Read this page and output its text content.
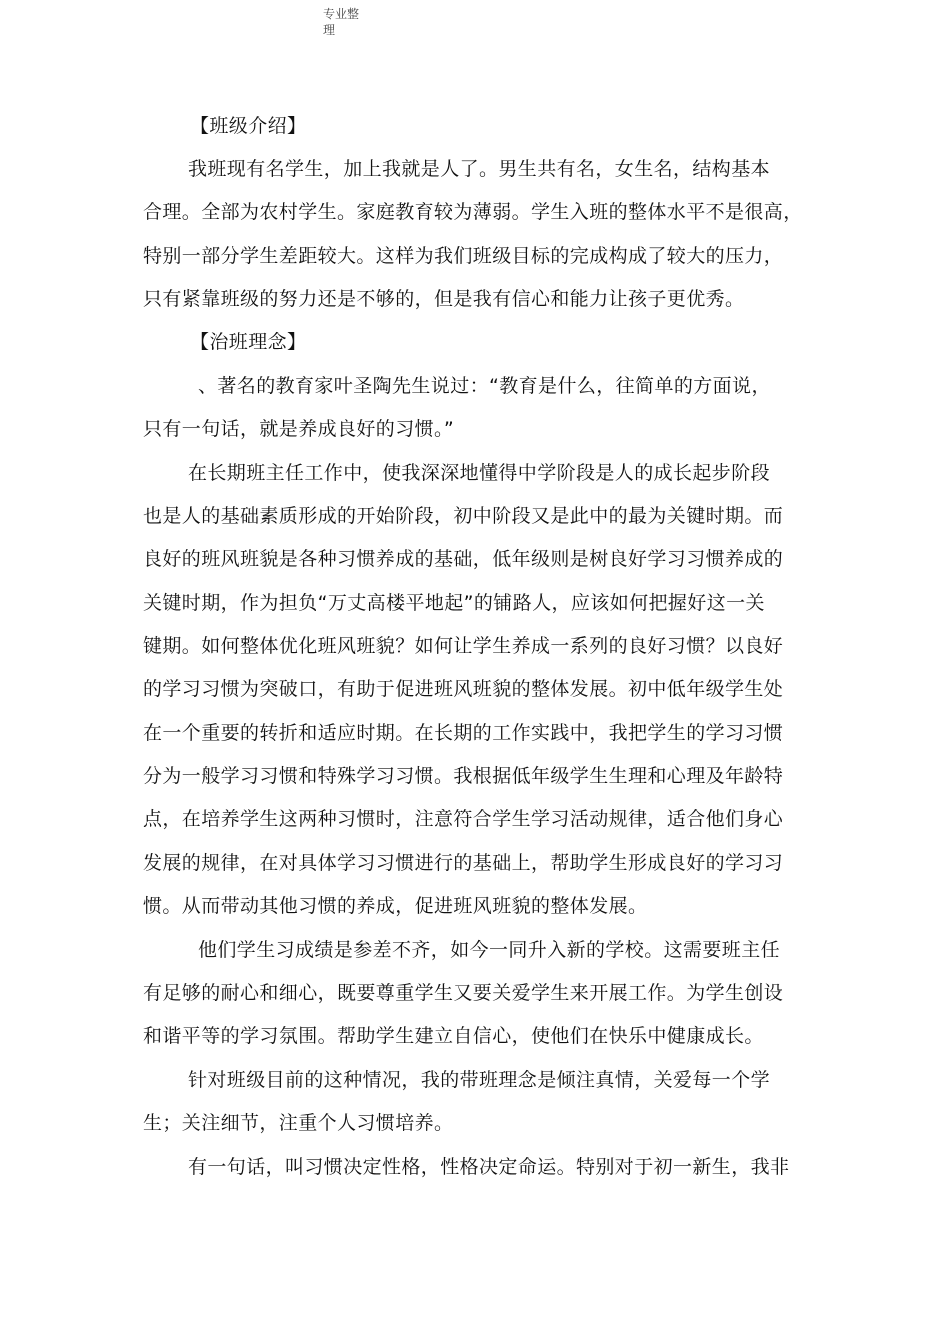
专业整
理
【班级介绍】
我班现有名学生，加上我就是人了。男生共有名，女生名，结构基本
合理。全部为农村学生。家庭教育较为薄弱。学生入班的整体水平不是很高，
特别一部分学生差距较大。这样为我们班级目标的完成构成了较大的压力，
只有紧靠班级的努力还是不够的，但是我有信心和能力让孩子更优秀。
【治班理念】
、著名的教育家叶圣陶先生说过：“教育是什么，往简单的方面说，
只有一句话，就是养成良好的习惯。”
在长期班主任工作中，使我深深地懂得中学阶段是人的成长起步阶段
也是人的基础素质形成的开始阶段，初中阶段又是此中的最为关键时期。而
良好的班风班貌是各种习惯养成的基础，低年级则是树良好学习习惯养成的
关键时期，作为担负“万丈高楼平地起”的铺路人，应该如何把握好这一关
键期。如何整体优化班风班貌？如何让学生养成一系列的良好习惯？以良好
的学习习惯为突破口，有助于促进班风班貌的整体发展。初中低年级学生处
在一个重要的转折和适应时期。在长期的工作实践中，我把学生的学习习惯
分为一般学习习惯和特殊学习习惯。我根据低年级学生生理和心理及年龄特
点，在培养学生这两种习惯时，注意符合学生学习活动规律，适合他们身心
发展的规律，在对具体学习习惯进行的基础上，帮助学生形成良好的学习习
惯。从而带动其他习惯的养成，促进班风班貌的整体发展。
他们学生习成绩是参差不齐，如今一同升入新的学校。这需要班主任
有足够的耐心和细心，既要尊重学生又要关爱学生来开展工作。为学生创设
和谐平等的学习氛围。帮助学生建立自信心，使他们在快乐中健康成长。
针对班级目前的这种情况，我的带班理念是倾注真情，关爱每一个学
生；关注细节，注重个人习惯培养。
有一句话，叫习惯决定性格，性格决定命运。特别对于初一新生，我非
